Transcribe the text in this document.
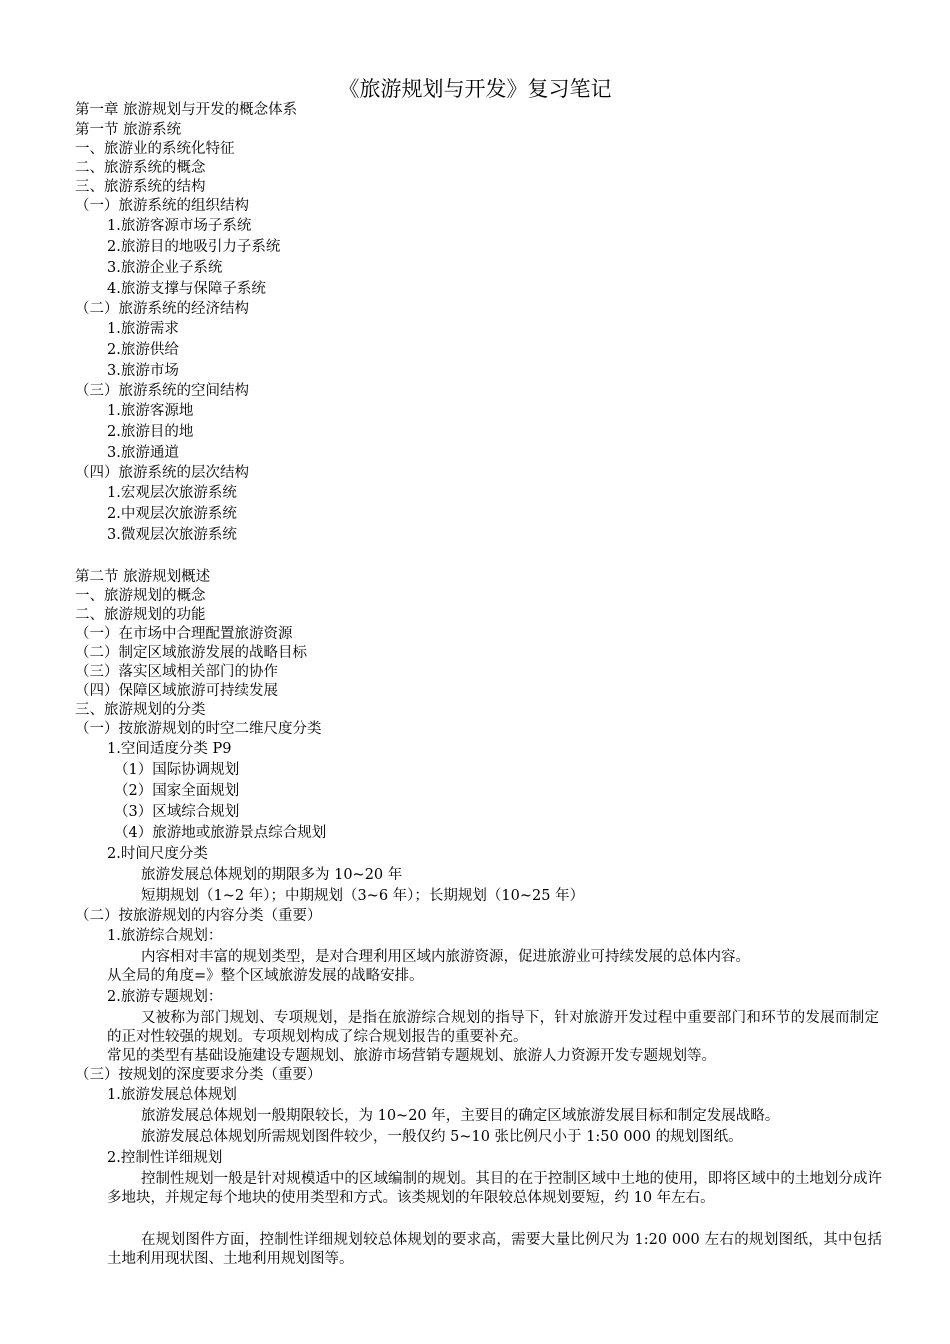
《旅游规划与开发》复习笔记
第一章 旅游规划与开发的概念体系
第一节 旅游系统
一、旅游业的系统化特征
二、旅游系统的概念
三、旅游系统的结构
（一）旅游系统的组织结构
1.旅游客源市场子系统
2.旅游目的地吸引力子系统
3.旅游企业子系统
4.旅游支撑与保障子系统
（二）旅游系统的经济结构
1.旅游需求
2.旅游供给
3.旅游市场
（三）旅游系统的空间结构
1.旅游客源地
2.旅游目的地
3.旅游通道
（四）旅游系统的层次结构
1.宏观层次旅游系统
2.中观层次旅游系统
3.微观层次旅游系统
第二节 旅游规划概述
一、旅游规划的概念
二、旅游规划的功能
（一）在市场中合理配置旅游资源
（二）制定区域旅游发展的战略目标
（三）落实区域相关部门的协作
（四）保障区域旅游可持续发展
三、旅游规划的分类
（一）按旅游规划的时空二维尺度分类
1.空间适度分类 P9
（1）国际协调规划
（2）国家全面规划
（3）区域综合规划
（4）旅游地或旅游景点综合规划
2.时间尺度分类
旅游发展总体规划的期限多为 10~20 年
短期规划（1~2 年）；中期规划（3~6 年）；长期规划（10~25 年）
（二）按旅游规划的内容分类（重要）
1.旅游综合规划：
内容相对丰富的规划类型，是对合理利用区域内旅游资源，促进旅游业可持续发展的总体内容。
从全局的角度=》整个区域旅游发展的战略安排。
2.旅游专题规划：
又被称为部门规划、专项规划，是指在旅游综合规划的指导下，针对旅游开发过程中重要部门和环节的发展而制定的正对性较强的规划。专项规划构成了综合规划报告的重要补充。
常见的类型有基础设施建设专题规划、旅游市场营销专题规划、旅游人力资源开发专题规划等。
（三）按规划的深度要求分类（重要）
1.旅游发展总体规划
旅游发展总体规划一般期限较长，为 10~20 年，主要目的确定区域旅游发展目标和制定发展战略。
旅游发展总体规划所需规划图件较少，一般仅约 5~10 张比例尺小于 1:50 000 的规划图纸。
2.控制性详细规划
控制性规划一般是针对规模适中的区域编制的规划。其目的在于控制区域中土地的使用，即将区域中的土地划分成许多地块，并规定每个地块的使用类型和方式。该类规划的年限较总体规划要短，约 10 年左右。
在规划图件方面，控制性详细规划较总体规划的要求高，需要大量比例尺为 1:20 000 左右的规划图纸，其中包括土地利用现状图、土地利用规划图等。
